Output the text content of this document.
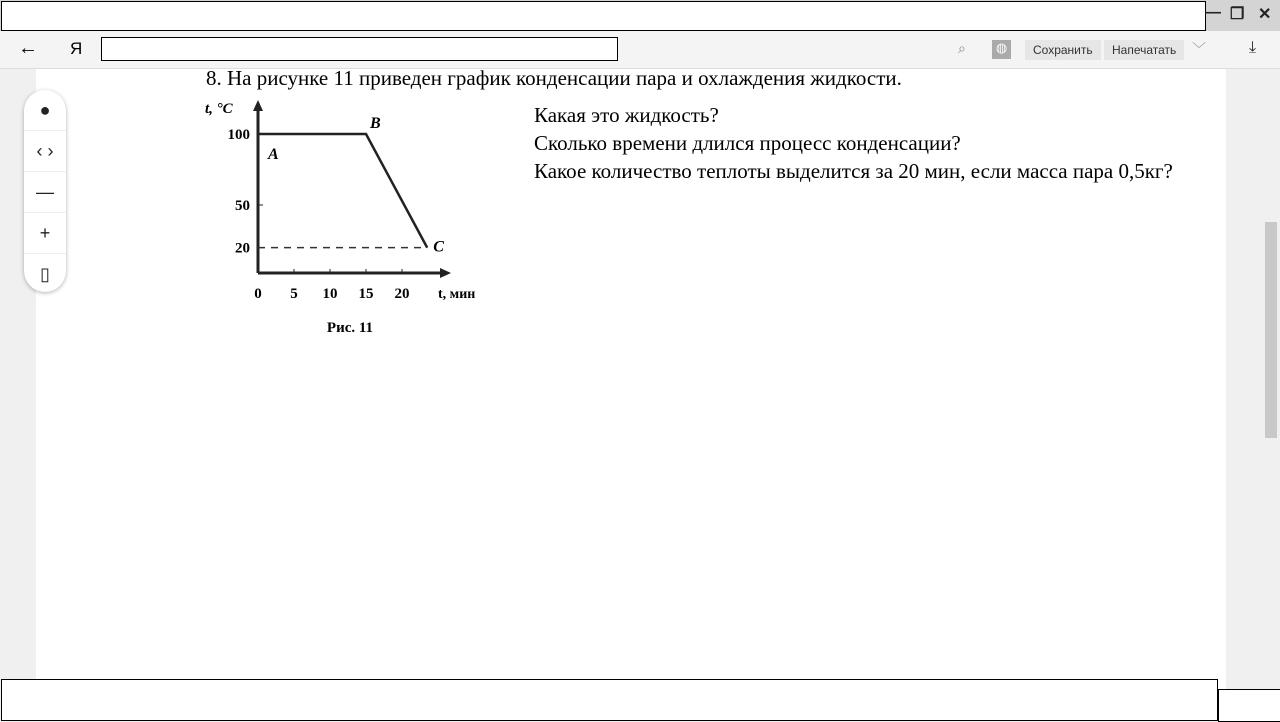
— ❐ ✕
← Я	⌕ ◍	Сохранить	Напечатать	﹀	⤓
8. На рисунке 11 приведен график конденсации пара и охлаждения жидкости.
Какая это жидкость?
Сколько времени длился процесс конденсации?
Какое количество теплоты выделится за 20 мин, если масса пара 0,5кг?
0 5 10 15 20
100
50
20
t, °C
t, мин
A
B
C
Рис. 11
●
‹ ›
—
+
▯
